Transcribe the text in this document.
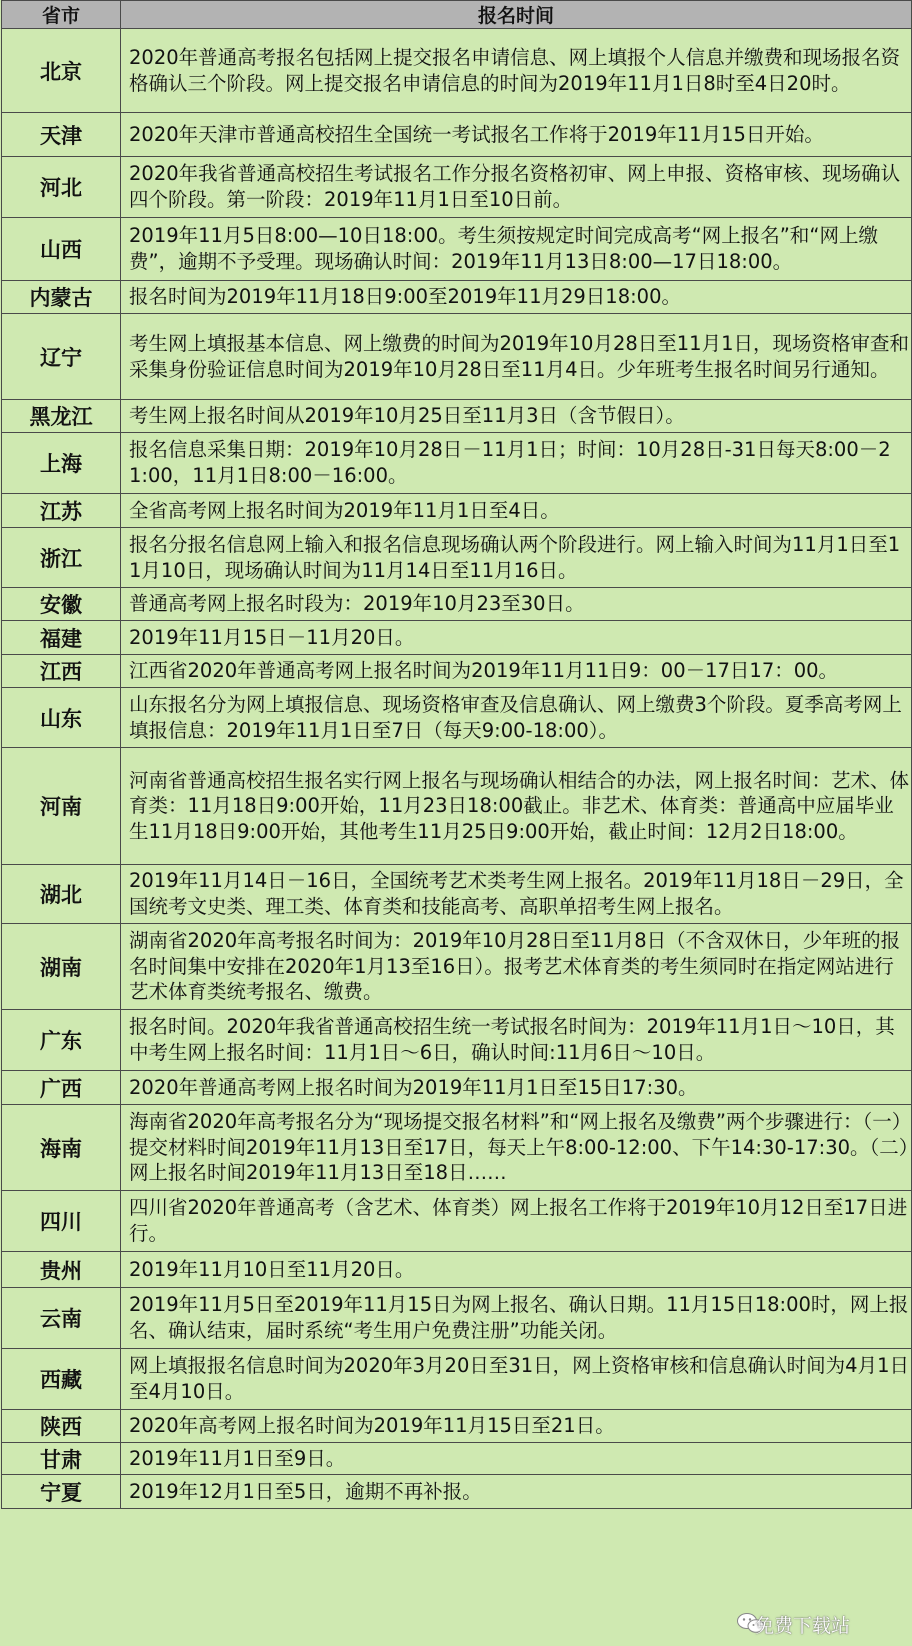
省市	报名时间
北京	2020年普通高考报名包括网上提交报名申请信息、网上填报个人信息并缴费和现场报名资格确认三个阶段。网上提交报名申请信息的时间为2019年11月1日8时至4日20时。
天津	2020年天津市普通高校招生全国统一考试报名工作将于2019年11月15日开始。
河北	2020年我省普通高校招生考试报名工作分报名资格初审、网上申报、资格审核、现场确认四个阶段。第一阶段：2019年11月1日至10日前。
山西	2019年11月5日8:00—10日18:00。考生须按规定时间完成高考“网上报名”和“网上缴费”，逾期不予受理。现场确认时间：2019年11月13日8:00—17日18:00。
内蒙古	报名时间为2019年11月18日9:00至2019年11月29日18:00。
辽宁	考生网上填报基本信息、网上缴费的时间为2019年10月28日至11月1日，现场资格审查和采集身份验证信息时间为2019年10月28日至11月4日。少年班考生报名时间另行通知。
黑龙江	考生网上报名时间从2019年10月25日至11月3日（含节假日）。
上海	报名信息采集日期：2019年10月28日－11月1日；时间：10月28日-31日每天8:00－21:00，11月1日8:00－16:00。
江苏	全省高考网上报名时间为2019年11月1日至4日。
浙江	报名分报名信息网上输入和报名信息现场确认两个阶段进行。网上输入时间为11月1日至11月10日，现场确认时间为11月14日至11月16日。
安徽	普通高考网上报名时段为：2019年10月23至30日。
福建	2019年11月15日－11月20日。
江西	江西省2020年普通高考网上报名时间为2019年11月11日9：00－17日17：00。
山东	山东报名分为网上填报信息、现场资格审查及信息确认、网上缴费3个阶段。夏季高考网上填报信息：2019年11月1日至7日（每天9:00-18:00）。
河南	河南省普通高校招生报名实行网上报名与现场确认相结合的办法，网上报名时间：艺术、体育类：11月18日9:00开始，11月23日18:00截止。非艺术、体育类：普通高中应届毕业生11月18日9:00开始，其他考生11月25日9:00开始，截止时间：12月2日18:00。
湖北	2019年11月14日－16日，全国统考艺术类考生网上报名。2019年11月18日－29日，全国统考文史类、理工类、体育类和技能高考、高职单招考生网上报名。
湖南	湖南省2020年高考报名时间为：2019年10月28日至11月8日（不含双休日，少年班的报名时间集中安排在2020年1月13至16日）。报考艺术体育类的考生须同时在指定网站进行艺术体育类统考报名、缴费。
广东	报名时间。2020年我省普通高校招生统一考试报名时间为：2019年11月1日～10日，其中考生网上报名时间：11月1日～6日，确认时间:11月6日～10日。
广西	2020年普通高考网上报名时间为2019年11月1日至15日17:30。
海南	海南省2020年高考报名分为“现场提交报名材料”和“网上报名及缴费”两个步骤进行：（一）提交材料时间2019年11月13日至17日，每天上午8:00-12:00、下午14:30-17:30。（二）网上报名时间2019年11月13日至18日……
四川	四川省2020年普通高考（含艺术、体育类）网上报名工作将于2019年10月12日至17日进行。
贵州	2019年11月10日至11月20日。
云南	2019年11月5日至2019年11月15日为网上报名、确认日期。11月15日18:00时，网上报名、确认结束，届时系统“考生用户免费注册”功能关闭。
西藏	网上填报报名信息时间为2020年3月20日至31日，网上资格审核和信息确认时间为4月1日至4月10日。
陕西	2020年高考网上报名时间为2019年11月15日至21日。
甘肃	2019年11月1日至9日。
宁夏	2019年12月1日至5日，逾期不再补报。
免费下载站
